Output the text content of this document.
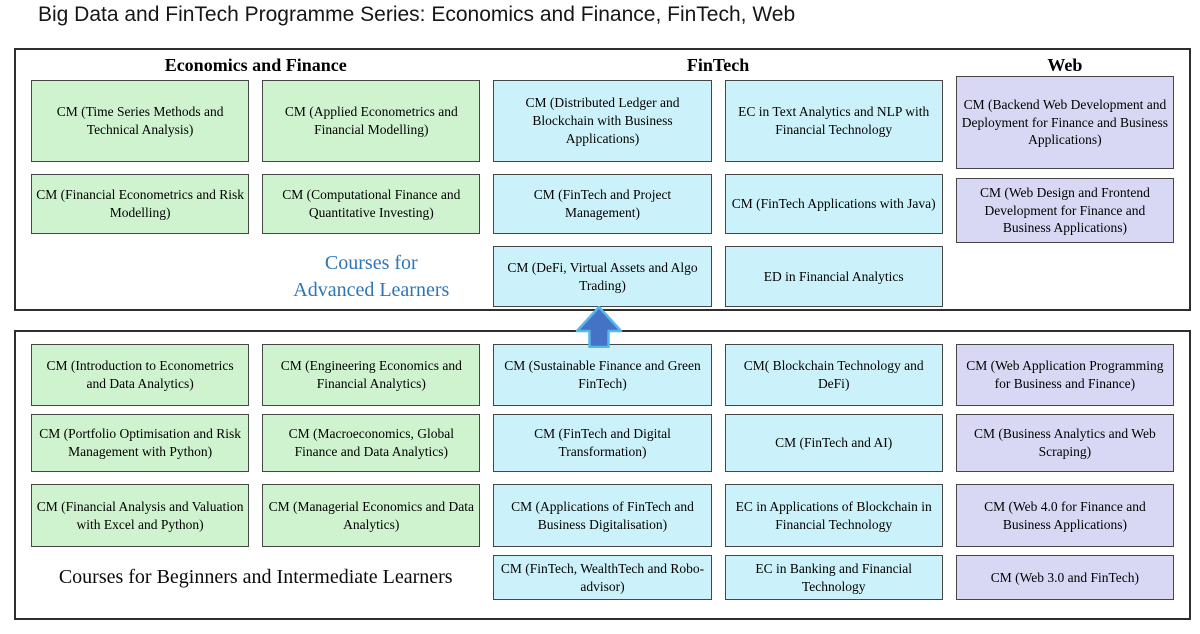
Big Data and FinTech Programme Series: Economics and Finance, FinTech, Web
Economics and Finance	FinTech	Web
CM (Time Series Methods and Technical Analysis)
CM (Applied Econometrics and Financial Modelling)
CM (Financial Econometrics and Risk Modelling)
CM (Computational Finance and Quantitative Investing)
Courses for
Advanced Learners
CM (Distributed Ledger and Blockchain with Business Applications)
EC in Text Analytics and NLP with Financial Technology
CM (FinTech and Project Management)
CM (FinTech Applications with Java)
CM (DeFi, Virtual Assets and Algo Trading)
ED in Financial Analytics
CM (Backend Web Development and Deployment for Finance and Business Applications)
CM (Web Design and Frontend Development for Finance and Business Applications)
CM (Introduction to Econometrics and Data Analytics)
CM (Engineering Economics and Financial Analytics)
CM (Portfolio Optimisation and Risk Management with Python)
CM (Macroeconomics, Global Finance and Data Analytics)
CM (Financial Analysis and Valuation with Excel and Python)
CM (Managerial Economics and Data Analytics)
Courses for Beginners and Intermediate Learners
CM (Sustainable Finance and Green FinTech)
CM( Blockchain Technology and DeFi)
CM (FinTech and Digital Transformation)
CM (FinTech and AI)
CM (Applications of FinTech and Business Digitalisation)
EC in Applications of Blockchain in Financial Technology
CM (FinTech, WealthTech and Robo-advisor)
EC in Banking and Financial Technology
CM (Web Application Programming for Business and Finance)
CM (Business Analytics and Web Scraping)
CM (Web 4.0 for Finance and Business Applications)
CM (Web 3.0 and FinTech)
